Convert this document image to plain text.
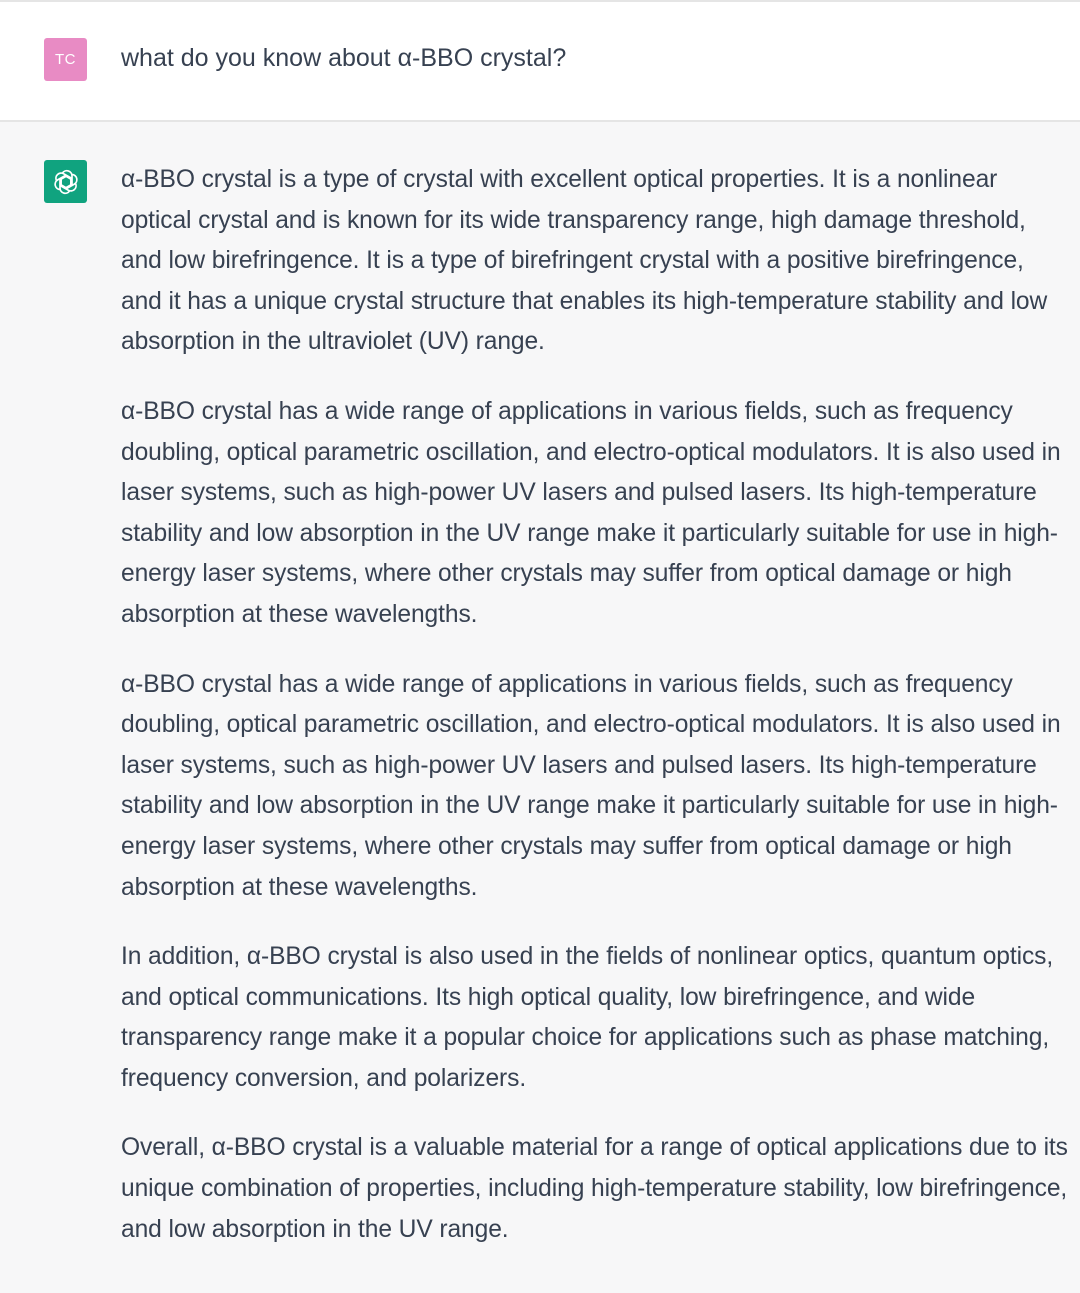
TC what do you know about α-BBO crystal?

α-BBO crystal is a type of crystal with excellent optical properties. It is a nonlinear optical crystal and is known for its wide transparency range, high damage threshold, and low birefringence. It is a type of birefringent crystal with a positive birefringence, and it has a unique crystal structure that enables its high-temperature stability and low absorption in the ultraviolet (UV) range.

α-BBO crystal has a wide range of applications in various fields, such as frequency doubling, optical parametric oscillation, and electro-optical modulators. It is also used in laser systems, such as high-power UV lasers and pulsed lasers. Its high-temperature stability and low absorption in the UV range make it particularly suitable for use in high-energy laser systems, where other crystals may suffer from optical damage or high absorption at these wavelengths.

α-BBO crystal has a wide range of applications in various fields, such as frequency doubling, optical parametric oscillation, and electro-optical modulators. It is also used in laser systems, such as high-power UV lasers and pulsed lasers. Its high-temperature stability and low absorption in the UV range make it particularly suitable for use in high-energy laser systems, where other crystals may suffer from optical damage or high absorption at these wavelengths.

In addition, α-BBO crystal is also used in the fields of nonlinear optics, quantum optics, and optical communications. Its high optical quality, low birefringence, and wide transparency range make it a popular choice for applications such as phase matching, frequency conversion, and polarizers.

Overall, α-BBO crystal is a valuable material for a range of optical applications due to its unique combination of properties, including high-temperature stability, low birefringence, and low absorption in the UV range.
